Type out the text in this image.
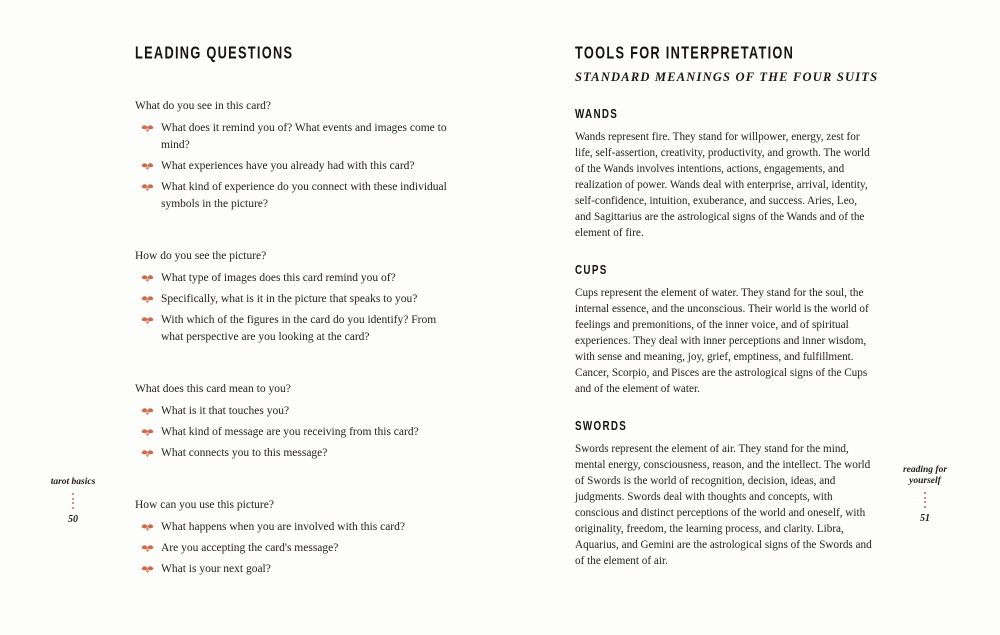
LEADING QUESTIONS

What do you see in this card?

What does it remind you of? What events and images come to mind?
What experiences have you already had with this card?
What kind of experience do you connect with these individual symbols in the picture?

How do you see the picture?

What type of images does this card remind you of?
Specifically, what is it in the picture that speaks to you?
With which of the figures in the card do you identify? From what perspective are you looking at the card?

What does this card mean to you?

What is it that touches you?
What kind of message are you receiving from this card?
What connects you to this message?

How can you use this picture?

What happens when you are involved with this card?
Are you accepting the card's message?
What is your next goal?
TOOLS FOR INTERPRETATION

STANDARD MEANINGS OF THE FOUR SUITS

WANDS

Wands represent fire. They stand for willpower, energy, zest for life, self-assertion, creativity, productivity, and growth. The world of the Wands involves intentions, actions, engagements, and realization of power. Wands deal with enterprise, arrival, identity, self-confidence, intuition, exuberance, and success. Aries, Leo, and Sagittarius are the astrological signs of the Wands and of the element of fire.

CUPS

Cups represent the element of water. They stand for the soul, the internal essence, and the unconscious. Their world is the world of feelings and premonitions, of the inner voice, and of spiritual experiences. They deal with inner perceptions and inner wisdom, with sense and meaning, joy, grief, emptiness, and fulfillment. Cancer, Scorpio, and Pisces are the astrological signs of the Cups and of the element of water.

SWORDS

Swords represent the element of air. They stand for the mind, mental energy, consciousness, reason, and the intellect. The world of Swords is the world of recognition, decision, ideas, and judgments. Swords deal with thoughts and concepts, with conscious and distinct perceptions of the world and oneself, with originality, freedom, the learning process, and clarity. Libra, Aquarius, and Gemini are the astrological signs of the Swords and of the element of air.

tarot basics
50
reading for yourself
51
